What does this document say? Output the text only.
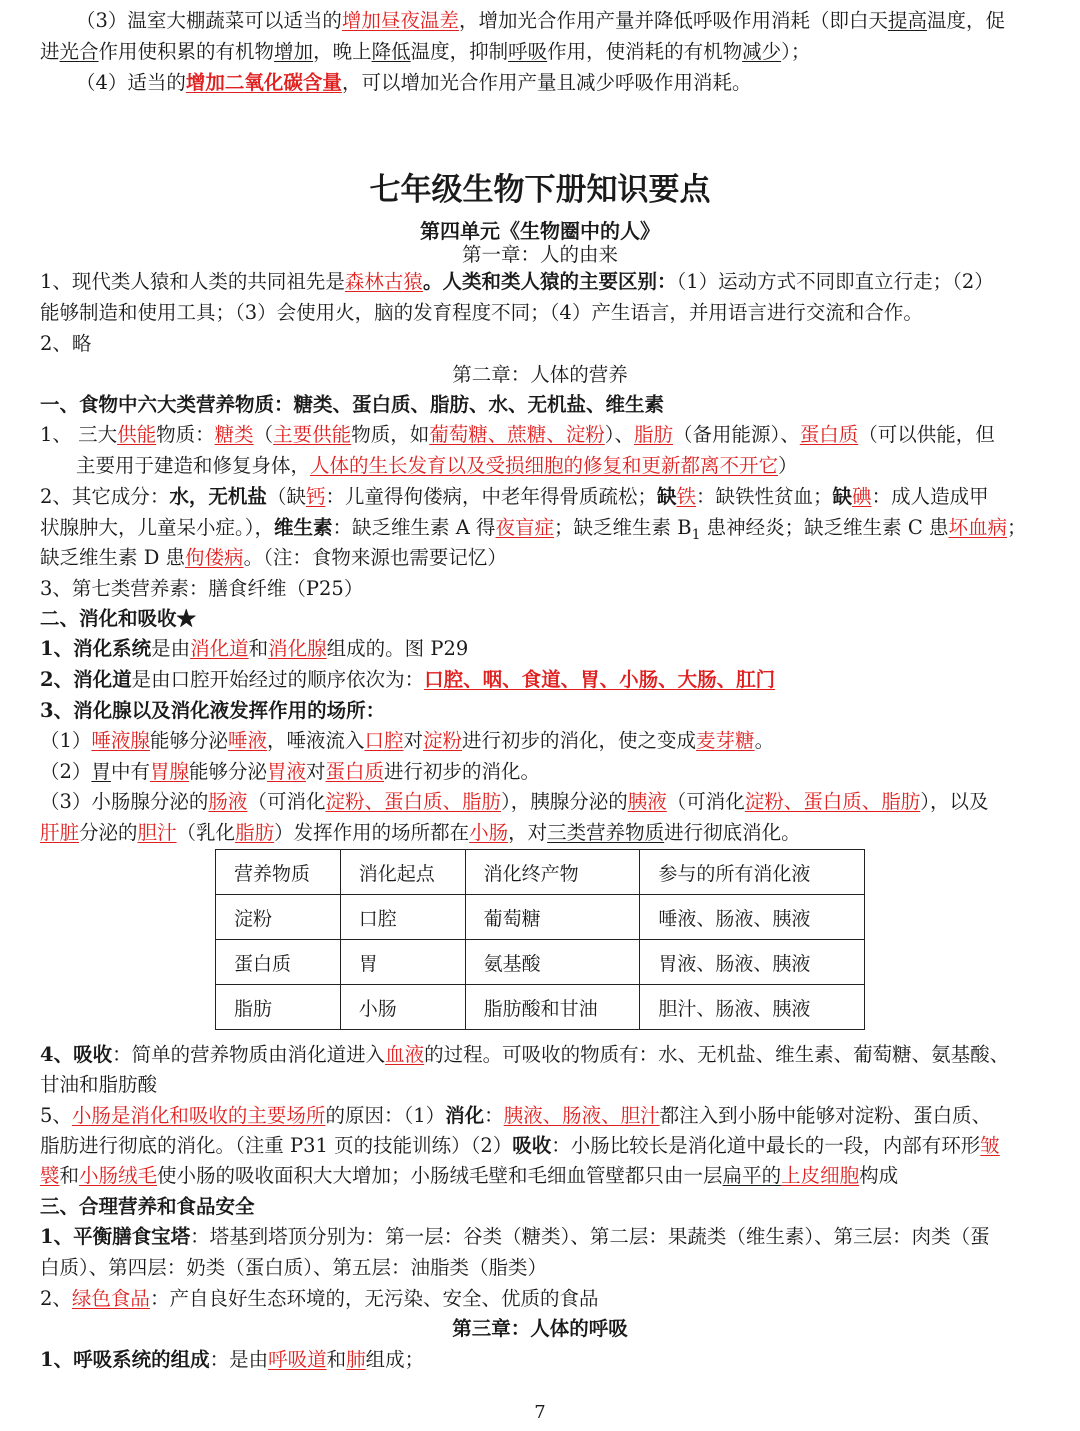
（3）温室大棚蔬菜可以适当的增加昼夜温差，增加光合作用产量并降低呼吸作用消耗（即白天提高温度，促
进光合作用使积累的有机物增加，晚上降低温度，抑制呼吸作用，使消耗的有机物减少）；
（4）适当的增加二氧化碳含量，可以增加光合作用产量且减少呼吸作用消耗。
七年级生物下册知识要点
第四单元《生物圈中的人》
第一章：人的由来
1、现代类人猿和人类的共同祖先是森林古猿。人类和类人猿的主要区别：（1）运动方式不同即直立行走；（2）
能够制造和使用工具；（3）会使用火，脑的发育程度不同；（4）产生语言，并用语言进行交流和合作。
2、略
第二章：人体的营养
一、食物中六大类营养物质：糖类、蛋白质、脂肪、水、无机盐、维生素
1、 三大供能物质：糖类（主要供能物质，如葡萄糖、蔗糖、淀粉）、脂肪（备用能源）、蛋白质（可以供能，但
主要用于建造和修复身体，人体的生长发育以及受损细胞的修复和更新都离不开它）
2、其它成分：水，无机盐（缺钙：儿童得佝偻病，中老年得骨质疏松；缺铁：缺铁性贫血；缺碘：成人造成甲
状腺肿大，儿童呆小症。），维生素：缺乏维生素 A 得夜盲症；缺乏维生素 $B_1$ 患神经炎；缺乏维生素 C 患坏血病；
缺乏维生素 D 患佝偻病。（注：食物来源也需要记忆）
3、第七类营养素：膳食纤维（P25）
二、消化和吸收★
1、消化系统是由消化道和消化腺组成的。图 P29
2、消化道是由口腔开始经过的顺序依次为：口腔、咽、食道、胃、小肠、大肠、肛门
3、消化腺以及消化液发挥作用的场所：
（1）唾液腺能够分泌唾液，唾液流入口腔对淀粉进行初步的消化，使之变成麦芽糖。
（2）胃中有胃腺能够分泌胃液对蛋白质进行初步的消化。
（3）小肠腺分泌的肠液（可消化淀粉、蛋白质、脂肪），胰腺分泌的胰液（可消化淀粉、蛋白质、脂肪），以及
肝脏分泌的胆汁（乳化脂肪）发挥作用的场所都在小肠，对三类营养物质进行彻底消化。
营养物质	消化起点	消化终产物	参与的所有消化液
淀粉	口腔	葡萄糖	唾液、肠液、胰液
蛋白质	胃	氨基酸	胃液、肠液、胰液
脂肪	小肠	脂肪酸和甘油	胆汁、肠液、胰液
4、吸收：简单的营养物质由消化道进入血液的过程。可吸收的物质有：水、无机盐、维生素、葡萄糖、氨基酸、
甘油和脂肪酸
5、小肠是消化和吸收的主要场所的原因：（1）消化：胰液、肠液、胆汁都注入到小肠中能够对淀粉、蛋白质、
脂肪进行彻底的消化。（注重 P31 页的技能训练）（2）吸收：小肠比较长是消化道中最长的一段，内部有环形皱
襞和小肠绒毛使小肠的吸收面积大大增加；小肠绒毛壁和毛细血管壁都只由一层扁平的上皮细胞构成
三、合理营养和食品安全
1、平衡膳食宝塔：塔基到塔顶分别为：第一层：谷类（糖类）、第二层：果蔬类（维生素）、第三层：肉类（蛋
白质）、第四层：奶类（蛋白质）、第五层：油脂类（脂类）
2、绿色食品：产自良好生态环境的，无污染、安全、优质的食品
第三章：人体的呼吸
1、呼吸系统的组成：是由呼吸道和肺组成；
7
